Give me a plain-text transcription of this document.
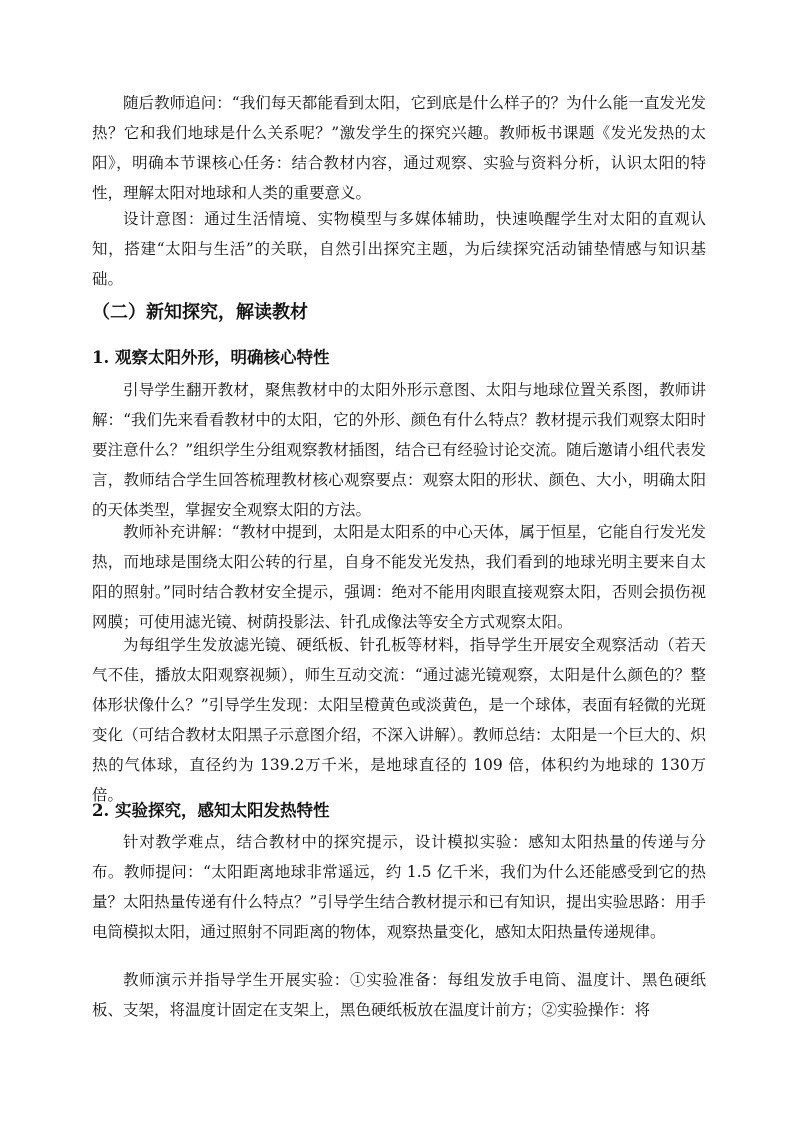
随后教师追问：“我们每天都能看到太阳，它到底是什么样子的？为什么能一直发光发热？它和我们地球是什么关系呢？”激发学生的探究兴趣。教师板书课题《发光发热的太阳》，明确本节课核心任务：结合教材内容，通过观察、实验与资料分析，认识太阳的特性，理解太阳对地球和人类的重要意义。

设计意图：通过生活情境、实物模型与多媒体辅助，快速唤醒学生对太阳的直观认知，搭建“太阳与生活”的关联，自然引出探究主题，为后续探究活动铺垫情感与知识基础。

（二）新知探究，解读教材
1. 观察太阳外形，明确核心特性

引导学生翻开教材，聚焦教材中的太阳外形示意图、太阳与地球位置关系图，教师讲解：“我们先来看看教材中的太阳，它的外形、颜色有什么特点？教材提示我们观察太阳时要注意什么？”组织学生分组观察教材插图，结合已有经验讨论交流。随后邀请小组代表发言，教师结合学生回答梳理教材核心观察要点：观察太阳的形状、颜色、大小，明确太阳的天体类型，掌握安全观察太阳的方法。

教师补充讲解：“教材中提到，太阳是太阳系的中心天体，属于恒星，它能自行发光发热，而地球是围绕太阳公转的行星，自身不能发光发热，我们看到的地球光明主要来自太阳的照射。”同时结合教材安全提示，强调：绝对不能用肉眼直接观察太阳，否则会损伤视网膜；可使用滤光镜、树荫投影法、针孔成像法等安全方式观察太阳。

为每组学生发放滤光镜、硬纸板、针孔板等材料，指导学生开展安全观察活动（若天气不佳，播放太阳观察视频），师生互动交流：“通过滤光镜观察，太阳是什么颜色的？整体形状像什么？”引导学生发现：太阳呈橙黄色或淡黄色，是一个球体，表面有轻微的光斑变化（可结合教材太阳黑子示意图介绍，不深入讲解）。教师总结：太阳是一个巨大的、炽热的气体球，直径约为 139.2万千米，是地球直径的 109 倍，体积约为地球的 130万倍。

2. 实验探究，感知太阳发热特性

针对教学难点，结合教材中的探究提示，设计模拟实验：感知太阳热量的传递与分布。教师提问：“太阳距离地球非常遥远，约 1.5 亿千米，我们为什么还能感受到它的热量？太阳热量传递有什么特点？”引导学生结合教材提示和已有知识，提出实验思路：用手电筒模拟太阳，通过照射不同距离的物体，观察热量变化，感知太阳热量传递规律。

教师演示并指导学生开展实验：①实验准备：每组发放手电筒、温度计、黑色硬纸板、支架，将温度计固定在支架上，黑色硬纸板放在温度计前方；②实验操作：将
